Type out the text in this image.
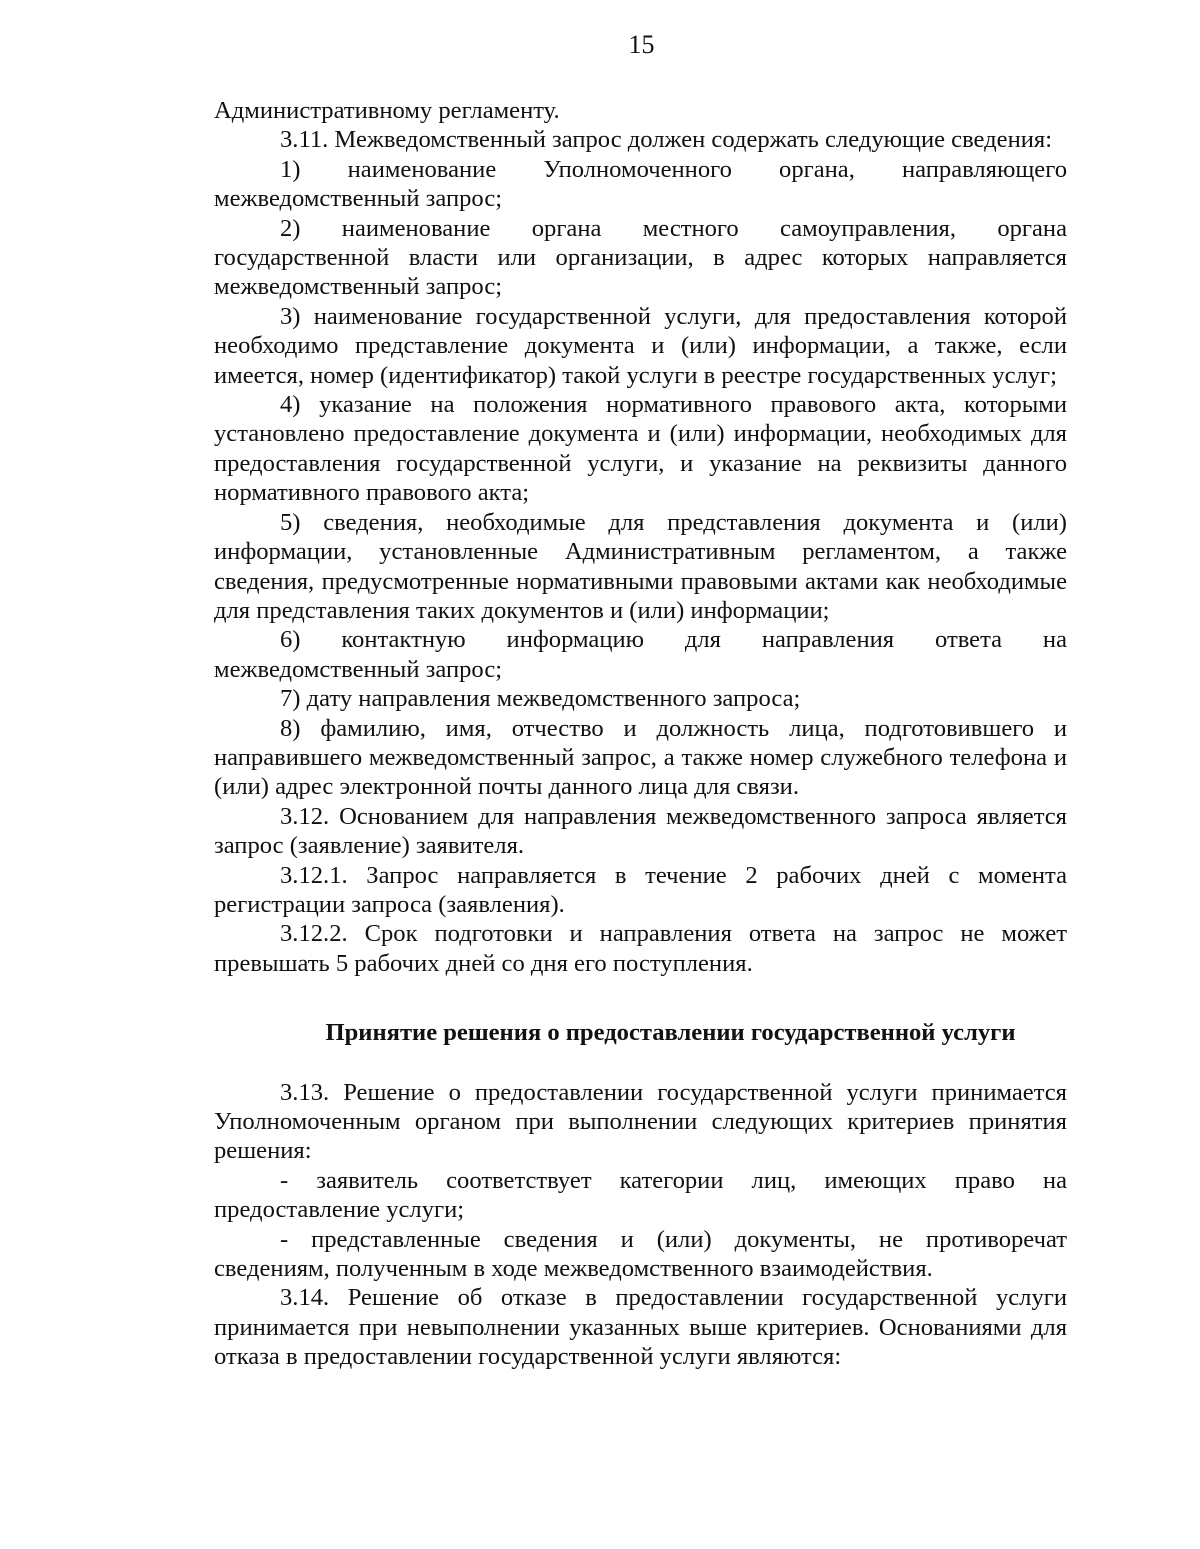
15

Административному регламенту.

3.11. Межведомственный запрос должен содержать следующие сведения:

1) наименование Уполномоченного органа, направляющего межведомственный запрос;

2) наименование органа местного самоуправления, органа государственной власти или организации, в адрес которых направляется межведомственный запрос;

3) наименование государственной услуги, для предоставления которой необходимо представление документа и (или) информации, а также, если имеется, номер (идентификатор) такой услуги в реестре государственных услуг;

4) указание на положения нормативного правового акта, которыми установлено предоставление документа и (или) информации, необходимых для предоставления государственной услуги, и указание на реквизиты данного нормативного правового акта;

5) сведения, необходимые для представления документа и (или) информации, установленные Административным регламентом, а также сведения, предусмотренные нормативными правовыми актами как необходимые для представления таких документов и (или) информации;

6) контактную информацию для направления ответа на межведомственный запрос;

7) дату направления межведомственного запроса;

8) фамилию, имя, отчество и должность лица, подготовившего и направившего межведомственный запрос, а также номер служебного телефона и (или) адрес электронной почты данного лица для связи.

3.12. Основанием для направления межведомственного запроса является запрос (заявление) заявителя.

3.12.1. Запрос направляется в течение 2 рабочих дней с момента регистрации запроса (заявления).

3.12.2. Срок подготовки и направления ответа на запрос не может превышать 5 рабочих дней со дня его поступления.

Принятие решения о предоставлении государственной услуги

3.13. Решение о предоставлении государственной услуги принимается Уполномоченным органом при выполнении следующих критериев принятия решения:

- заявитель соответствует категории лиц, имеющих право на предоставление услуги;

- представленные сведения и (или) документы, не противоречат сведениям, полученным в ходе межведомственного взаимодействия.

3.14. Решение об отказе в предоставлении государственной услуги принимается при невыполнении указанных выше критериев. Основаниями для отказа в предоставлении государственной услуги являются:
